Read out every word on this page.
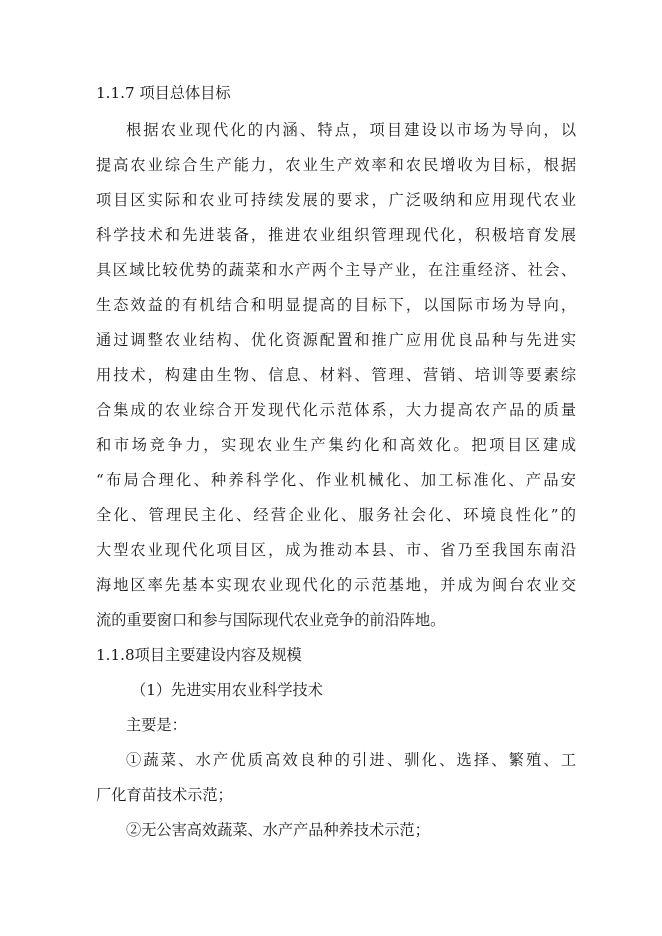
1.1.7 项目总体目标
根据农业现代化的内涵、特点，项目建设以市场为导向，以
提高农业综合生产能力，农业生产效率和农民增收为目标，根据
项目区实际和农业可持续发展的要求，广泛吸纳和应用现代农业
科学技术和先进装备，推进农业组织管理现代化，积极培育发展
具区域比较优势的蔬菜和水产两个主导产业，在注重经济、社会、
生态效益的有机结合和明显提高的目标下，以国际市场为导向，
通过调整农业结构、优化资源配置和推广应用优良品种与先进实
用技术，构建由生物、信息、材料、管理、营销、培训等要素综
合集成的农业综合开发现代化示范体系，大力提高农产品的质量
和市场竞争力，实现农业生产集约化和高效化。把项目区建成
“布局合理化、种养科学化、作业机械化、加工标准化、产品安
全化、管理民主化、经营企业化、服务社会化、环境良性化”的
大型农业现代化项目区，成为推动本县、市、省乃至我国东南沿
海地区率先基本实现农业现代化的示范基地，并成为闽台农业交
流的重要窗口和参与国际现代农业竞争的前沿阵地。
1.1.8项目主要建设内容及规模
（1）先进实用农业科学技术
主要是：
①蔬菜、水产优质高效良种的引进、驯化、选择、繁殖、工
厂化育苗技术示范；
②无公害高效蔬菜、水产产品种养技术示范；
